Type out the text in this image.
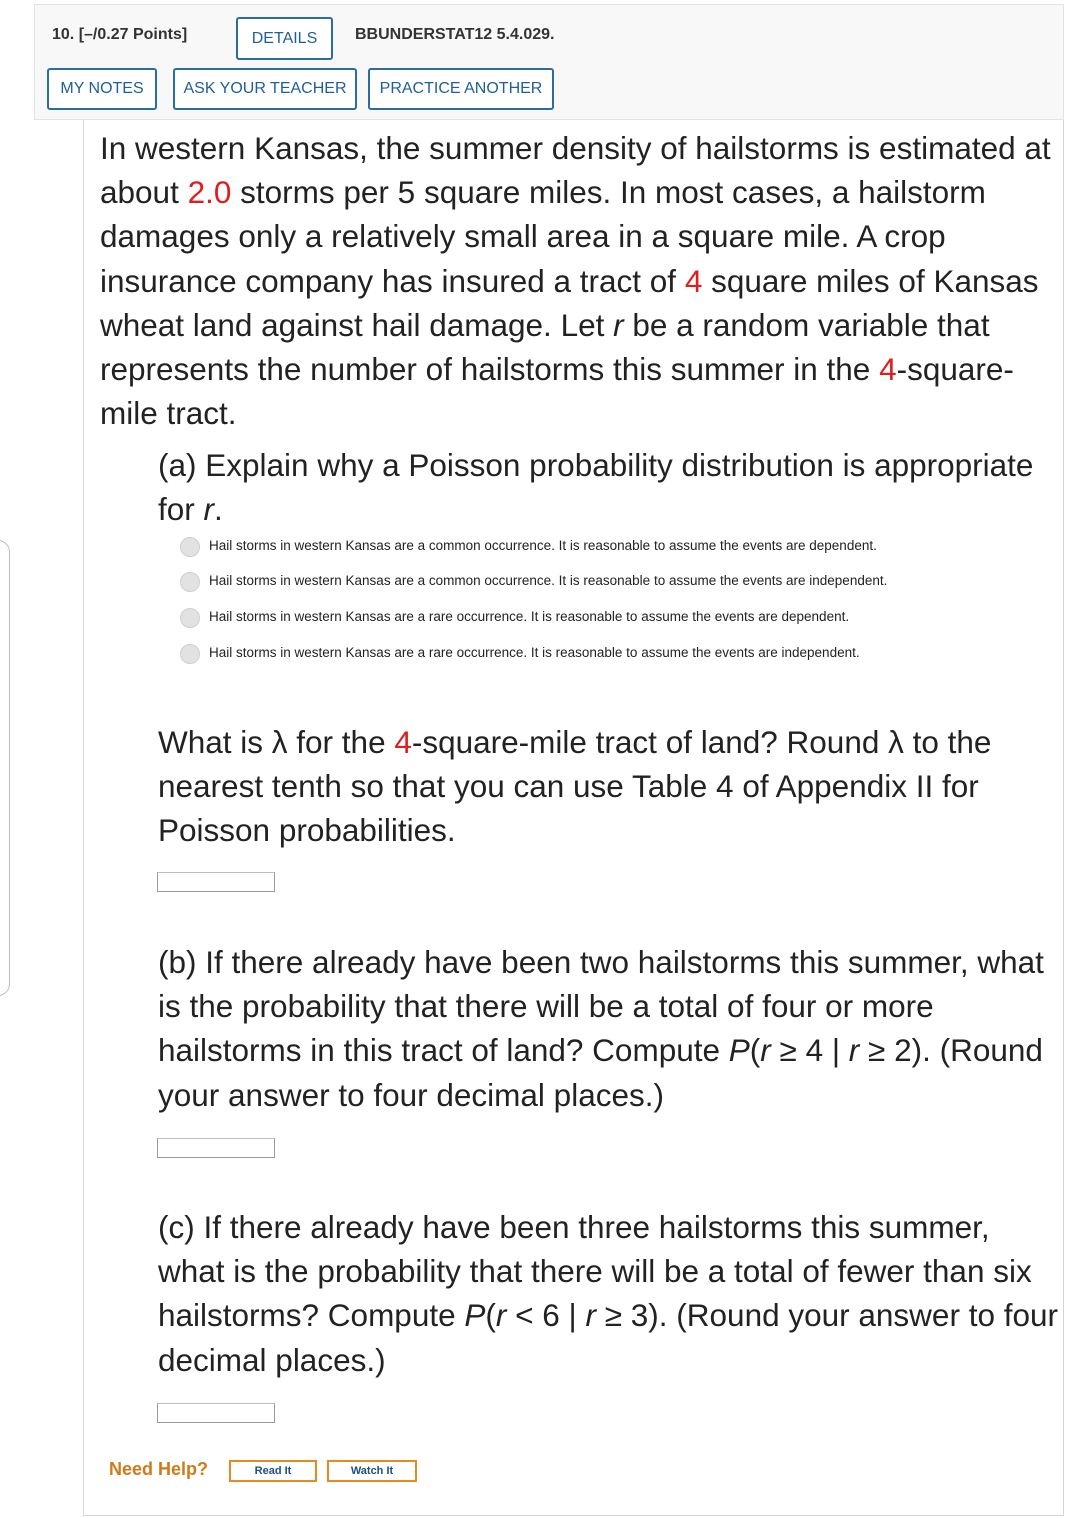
10. [–/0.27 Points]	DETAILS	BBUNDERSTAT12 5.4.029.
MY NOTES	ASK YOUR TEACHER	PRACTICE ANOTHER
In western Kansas, the summer density of hailstorms is estimated at about 2.0 storms per 5 square miles. In most cases, a hailstorm damages only a relatively small area in a square mile. A crop insurance company has insured a tract of 4 square miles of Kansas wheat land against hail damage. Let r be a random variable that represents the number of hailstorms this summer in the 4-square-mile tract.
(a) Explain why a Poisson probability distribution is appropriate for r.
Hail storms in western Kansas are a common occurrence. It is reasonable to assume the events are dependent.
Hail storms in western Kansas are a common occurrence. It is reasonable to assume the events are independent.
Hail storms in western Kansas are a rare occurrence. It is reasonable to assume the events are dependent.
Hail storms in western Kansas are a rare occurrence. It is reasonable to assume the events are independent.
What is λ for the 4-square-mile tract of land? Round λ to the nearest tenth so that you can use Table 4 of Appendix II for Poisson probabilities.
(b) If there already have been two hailstorms this summer, what is the probability that there will be a total of four or more hailstorms in this tract of land? Compute P(r ≥ 4 | r ≥ 2). (Round your answer to four decimal places.)
(c) If there already have been three hailstorms this summer, what is the probability that there will be a total of fewer than six hailstorms? Compute P(r < 6 | r ≥ 3). (Round your answer to four decimal places.)
Need Help?	Read It	Watch It
